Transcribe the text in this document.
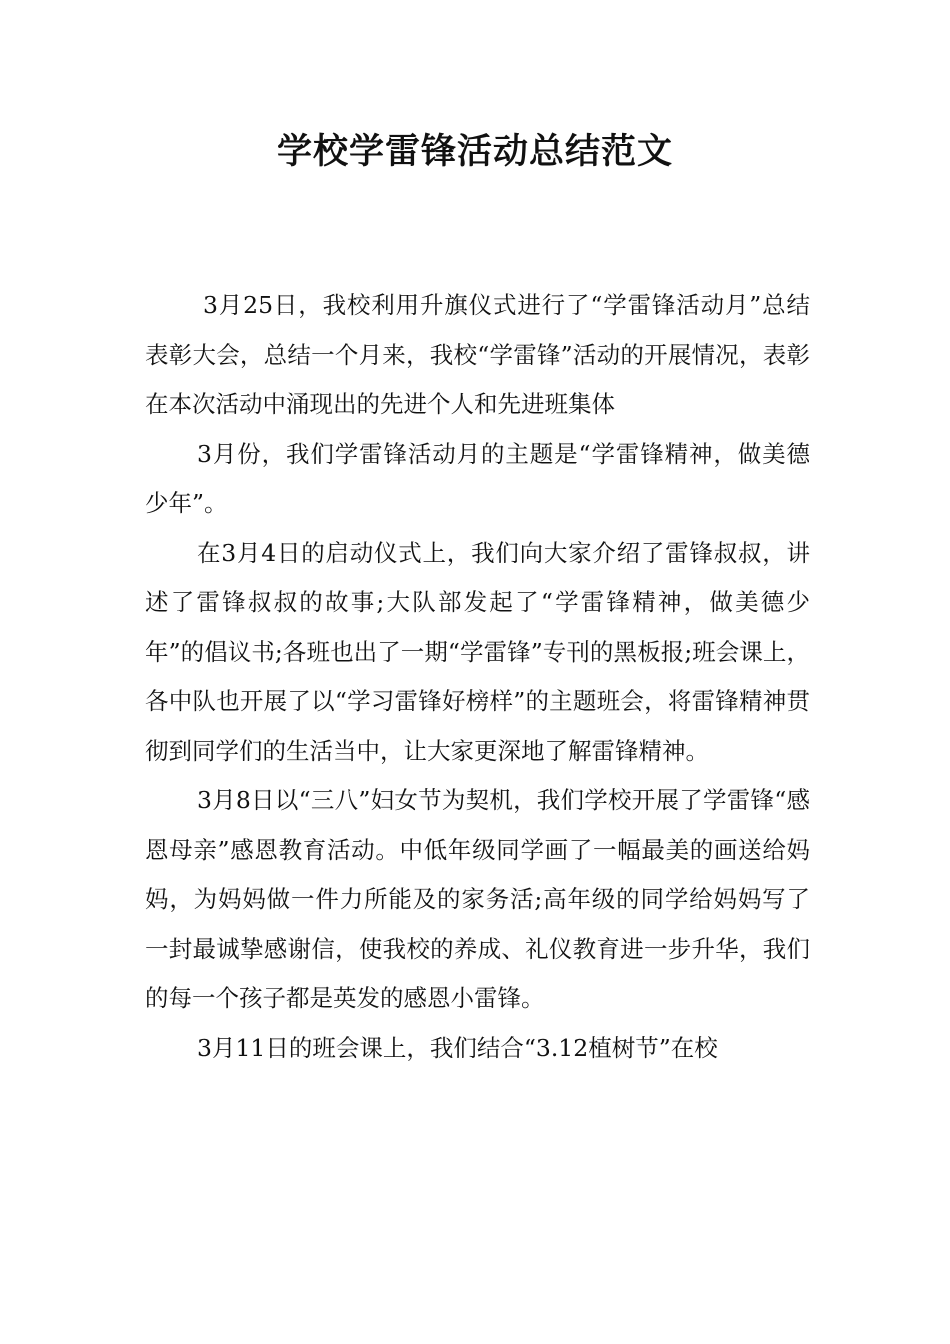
学校学雷锋活动总结范文

3月25日，我校利用升旗仪式进行了“学雷锋活动月”总结表彰大会，总结一个月来，我校“学雷锋”活动的开展情况，表彰在本次活动中涌现出的先进个人和先进班集体

3月份，我们学雷锋活动月的主题是“学雷锋精神，做美德少年”。

在3月4日的启动仪式上，我们向大家介绍了雷锋叔叔，讲述了雷锋叔叔的故事;大队部发起了“学雷锋精神，做美德少年”的倡议书;各班也出了一期“学雷锋”专刊的黑板报;班会课上，各中队也开展了以“学习雷锋好榜样”的主题班会，将雷锋精神贯彻到同学们的生活当中，让大家更深地了解雷锋精神。

3月8日以“三八”妇女节为契机，我们学校开展了学雷锋“感恩母亲”感恩教育活动。中低年级同学画了一幅最美的画送给妈妈，为妈妈做一件力所能及的家务活;高年级的同学给妈妈写了一封最诚挚感谢信，使我校的养成、礼仪教育进一步升华，我们的每一个孩子都是英发的感恩小雷锋。

3月11日的班会课上，我们结合“3.12植树节”在校
